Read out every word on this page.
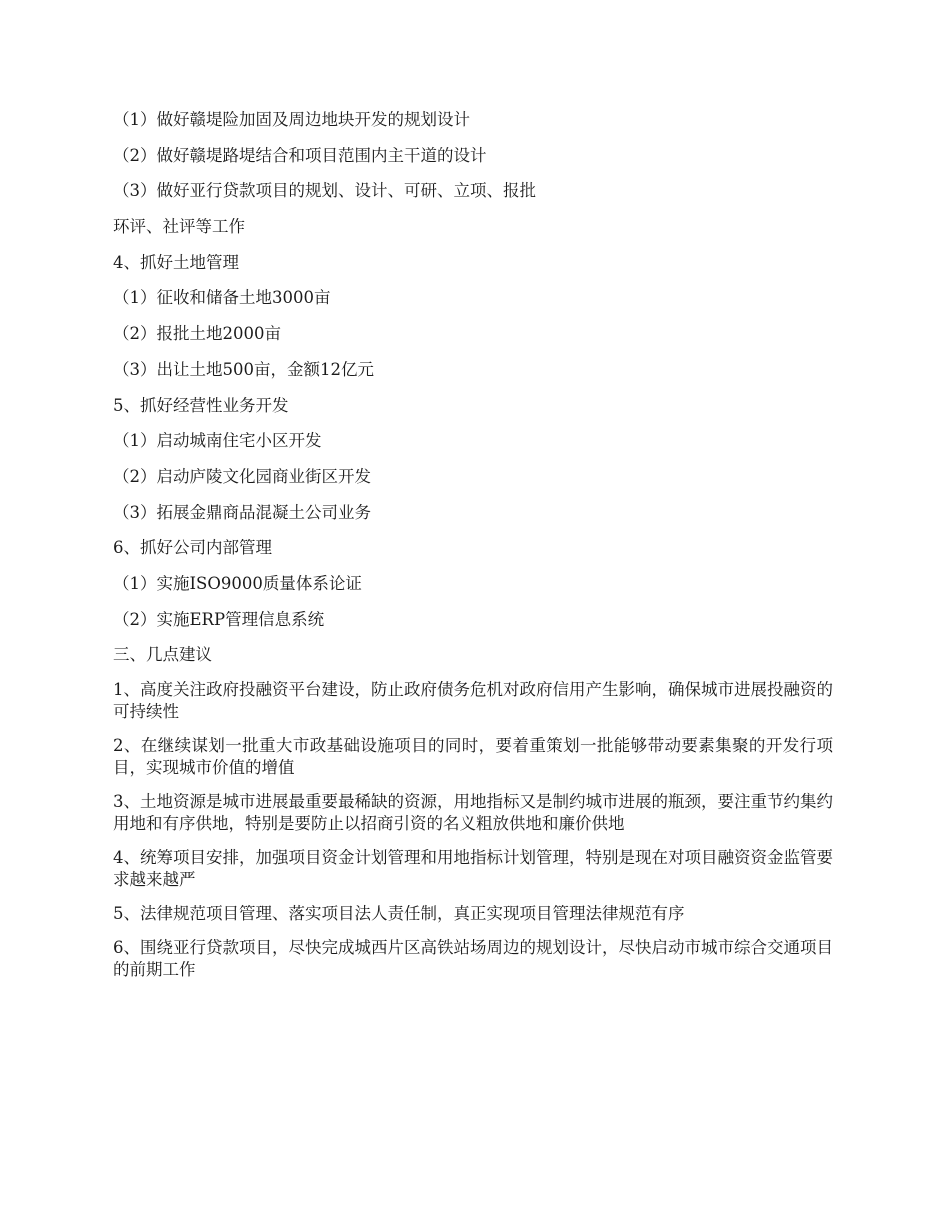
（1）做好赣堤险加固及周边地块开发的规划设计

（2）做好赣堤路堤结合和项目范围内主干道的设计

（3）做好亚行贷款项目的规划、设计、可研、立项、报批

环评、社评等工作

4、抓好土地管理

（1）征收和储备土地3000亩

（2）报批土地2000亩

（3）出让土地500亩，金额12亿元

5、抓好经营性业务开发

（1）启动城南住宅小区开发

（2）启动庐陵文化园商业街区开发

（3）拓展金鼎商品混凝土公司业务

6、抓好公司内部管理

（1）实施ISO9000质量体系论证

（2）实施ERP管理信息系统

三、几点建议

1、高度关注政府投融资平台建设，防止政府债务危机对政府信用产生影响，确保城市进展投融资的可持续性

2、在继续谋划一批重大市政基础设施项目的同时，要着重策划一批能够带动要素集聚的开发行项目，实现城市价值的增值

3、土地资源是城市进展最重要最稀缺的资源，用地指标又是制约城市进展的瓶颈，要注重节约集约用地和有序供地，特别是要防止以招商引资的名义粗放供地和廉价供地

4、统筹项目安排，加强项目资金计划管理和用地指标计划管理，特别是现在对项目融资资金监管要求越来越严

5、法律规范项目管理、落实项目法人责任制，真正实现项目管理法律规范有序

6、围绕亚行贷款项目，尽快完成城西片区高铁站场周边的规划设计，尽快启动市城市综合交通项目的前期工作
